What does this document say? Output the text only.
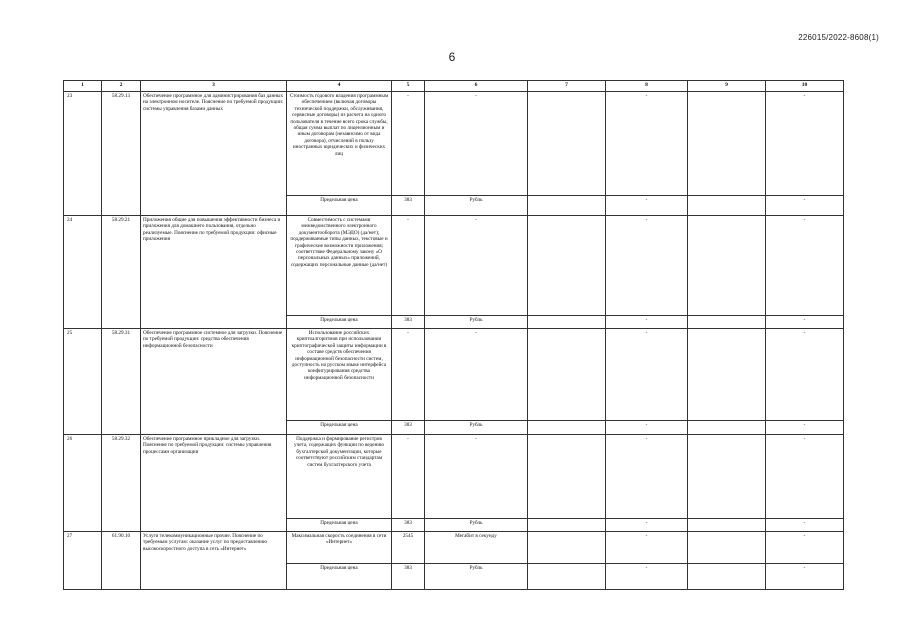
226015/2022-8608(1)
6
1	2	3	4	5	6	7	8	9	10
23	58.29.13	Обеспечение программное для администрирования баз данных на электронном носителе. Пояснение по требуемой продукции: системы управления базами данных	Стоимость годового владения программным обеспечением (включая договоры технической поддержки, обслуживания, сервисные договоры) из расчета на одного пользователя в течение всего срока службы, общая сумма выплат по лицензионным и иным договорам (независимо от вида договора), отчислений в пользу иностранных юридических и физических лиц	-	-		-		-
			Предельная цена	383	Рубль		-		-
24	58.29.21	Приложения общие для повышения эффективности бизнеса и приложения для домашнего пользования, отдельно реализуемые. Пояснение по требуемой продукции: офисные приложения	Совместимость с системами межведомственного электронного документооборота (МЭДО) (да/нет); поддерживаемые типы данных, текстовые и графические возможности приложения; соответствие Федеральному закону «О персональных данных» приложений, содержащих персональные данные (да/нет)	-	-		-		-
			Предельная цена	383	Рубль		-		-
25	58.29.31	Обеспечение программное системное для загрузки. Пояснение по требуемой продукции: средства обеспечения информационной безопасности	Использование российских криптоалгоритмов при использовании криптографической защиты информации в составе средств обеспечения информационной безопасности систем, доступность на русском языке интерфейса конфигурирования средства информационной безопасности	-	-		-		-
			Предельная цена	383	Рубль		-		-
26	58.29.32	Обеспечение программное прикладное для загрузки. Пояснение по требуемой продукции: системы управления процессами организации	Поддержка и формирование регистров учета, содержащих функции по ведению бухгалтерской документации, которые соответствуют российским стандартам систем бухгалтерского учета	-	-		-		-
			Предельная цена	383	Рубль		-		-
27	61.90.10	Услуги телекоммуникационные прочие. Пояснение по требуемым услугам: оказание услуг по предоставлению высокоскоростного доступа в сеть «Интернет»	Максимальная скорость соединения в сети «Интернет»	2545	Мегабит в секунду		-		-
			Предельная цена	383	Рубль		-		-
